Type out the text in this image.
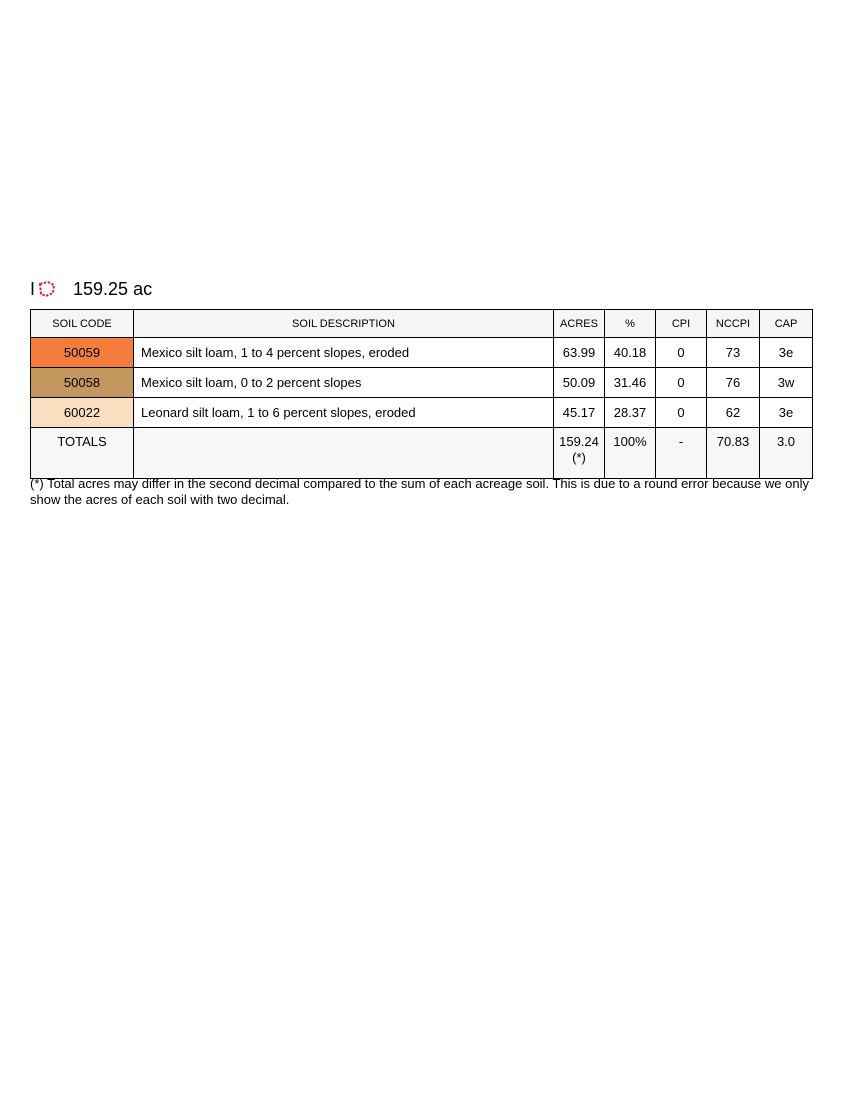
I 159.25 ac
SOIL CODE	SOIL DESCRIPTION	ACRES	%	CPI	NCCPI	CAP
50059	Mexico silt loam, 1 to 4 percent slopes, eroded	63.99	40.18	0	73	3e
50058	Mexico silt loam, 0 to 2 percent slopes	50.09	31.46	0	76	3w
60022	Leonard silt loam, 1 to 6 percent slopes, eroded	45.17	28.37	0	62	3e
TOTALS		159.24(*)	100%	-	70.83	3.0
(*) Total acres may differ in the second decimal compared to the sum of each acreage soil. This is due to a round error because we only show the acres of each soil with two decimal.
